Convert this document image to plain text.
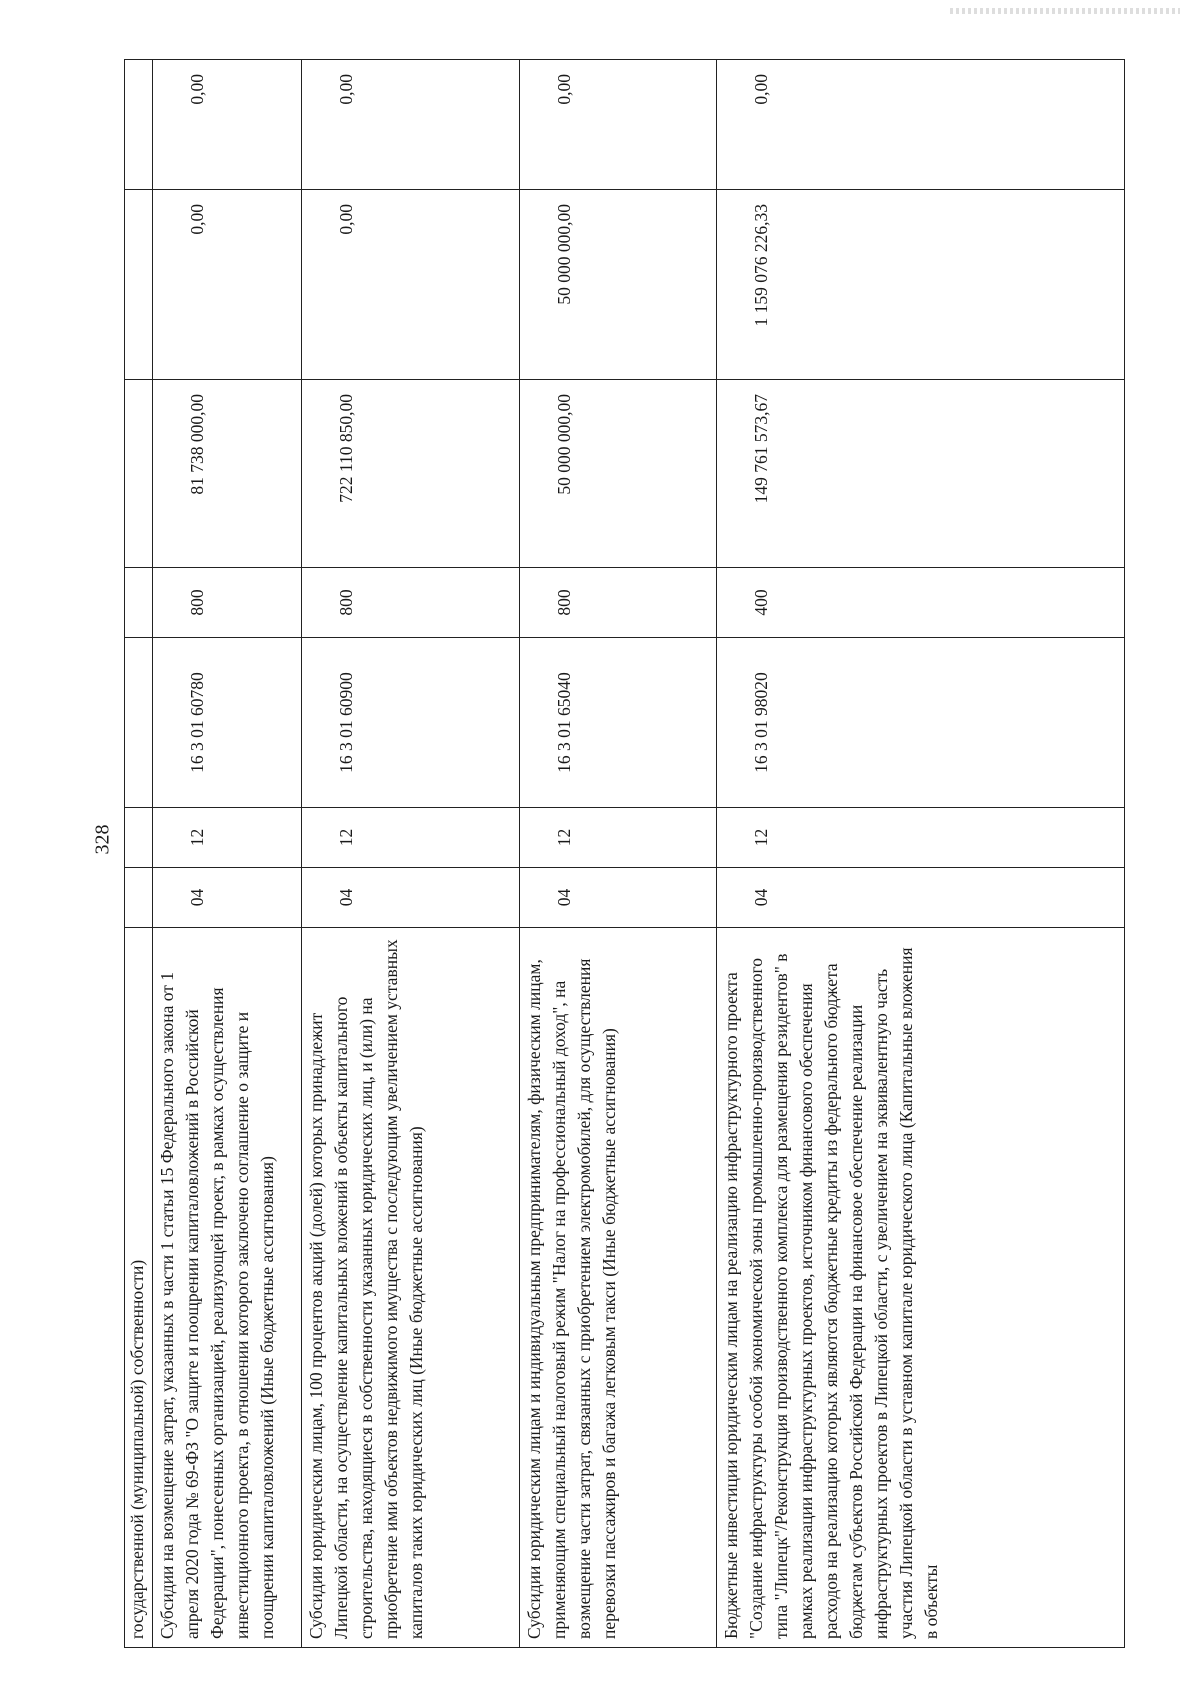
328
государственной (муниципальной) собственности)							
Субсидии на возмещение затрат, указанных в части 1 статьи 15 Федерального закона от 1 апреля 2020 года № 69-ФЗ "О защите и поощрении капиталовложений в Российской Федерации", понесенных организацией, реализующей проект, в рамках осуществления инвестиционного проекта, в отношении которого заключено соглашение о защите и поощрении капиталовложений (Иные бюджетные ассигнования)	04	12	16 3 01 60780	800	81 738 000,00	0,00	0,00
Субсидии юридическим лицам, 100 процентов акций (долей) которых принадлежит Липецкой области, на осуществление капитальных вложений в объекты капитального строительства, находящиеся в собственности указанных юридических лиц, и (или) на приобретение ими объектов недвижимого имущества с последующим увеличением уставных капиталов таких юридических лиц (Иные бюджетные ассигнования)	04	12	16 3 01 60900	800	722 110 850,00	0,00	0,00
Субсидии юридическим лицам и индивидуальным предпринимателям, физическим лицам, применяющим специальный налоговый режим "Налог на профессиональный доход", на возмещение части затрат, связанных с приобретением электромобилей, для осуществления перевозки пассажиров и багажа легковым такси (Иные бюджетные ассигнования)	04	12	16 3 01 65040	800	50 000 000,00	50 000 000,00	0,00
Бюджетные инвестиции юридическим лицам на реализацию инфраструктурного проекта "Создание инфраструктуры особой экономической зоны промышленно-производственного типа "Липецк"/Реконструкция производственного комплекса для размещения резидентов" в рамках реализации инфраструктурных проектов, источником финансового обеспечения расходов на реализацию которых являются бюджетные кредиты из федерального бюджета бюджетам субъектов Российской Федерации на финансовое обеспечение реализации инфраструктурных проектов в Липецкой области, с увеличением на эквивалентную часть участия Липецкой области в уставном капитале юридического лица (Капитальные вложения в объекты	04	12	16 3 01 98020	400	149 761 573,67	1 159 076 226,33	0,00
